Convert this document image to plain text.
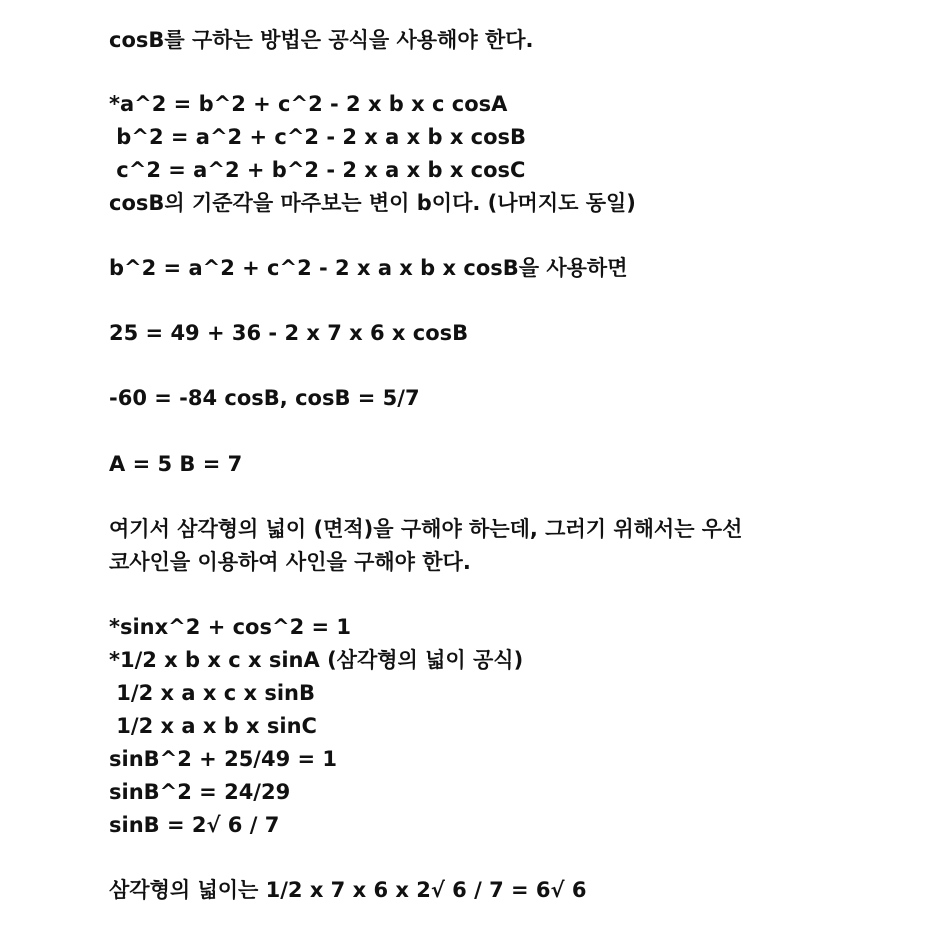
cosB를 구하는 방법은 공식을 사용해야 한다.

*a^2 = b^2 + c^2 - 2 x b x c cosA

b^2 = a^2 + c^2 - 2 x a x b x cosB

c^2 = a^2 + b^2 - 2 x a x b x cosC

cosB의 기준각을 마주보는 변이 b이다. (나머지도 동일)

b^2 = a^2 + c^2 - 2 x a x b x cosB을 사용하면

25 = 49 + 36 - 2 x 7 x 6 x cosB

-60 = -84 cosB, cosB = 5/7

A = 5 B = 7

여기서 삼각형의 넓이 (면적)을 구해야 하는데, 그러기 위해서는 우선

코사인을 이용하여 사인을 구해야 한다.

*sinx^2 + cos^2 = 1

*1/2 x b x c x sinA (삼각형의 넓이 공식)

1/2 x a x c x sinB

1/2 x a x b x sinC

sinB^2 + 25/49 = 1

sinB^2 = 24/29

sinB = 2√ 6 / 7

삼각형의 넓이는 1/2 x 7 x 6 x 2√ 6 / 7 = 6√ 6
